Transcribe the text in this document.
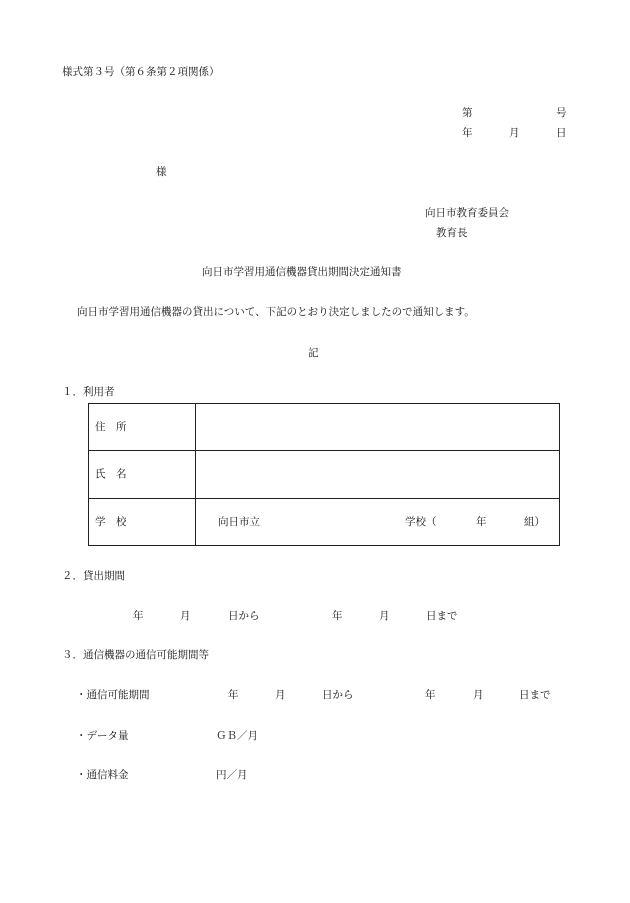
様式第３号（第６条第２項関係）
第	号
年	月	日
様
向日市教育委員会
教育長
向日市学習用通信機器貸出期間決定通知書
向日市学習用通信機器の貸出について、下記のとおり決定しましたので通知します。
記
１．利用者
住　所	
氏　名	
学　校	向日市立 学校（ 年 組）
２．貸出期間
年	月	日から	年	月	日まで
３．通信機器の通信可能期間等
・通信可能期間	年	月	日から	年	月	日まで
・データ量	ＧＢ／月
・通信料金	円／月
